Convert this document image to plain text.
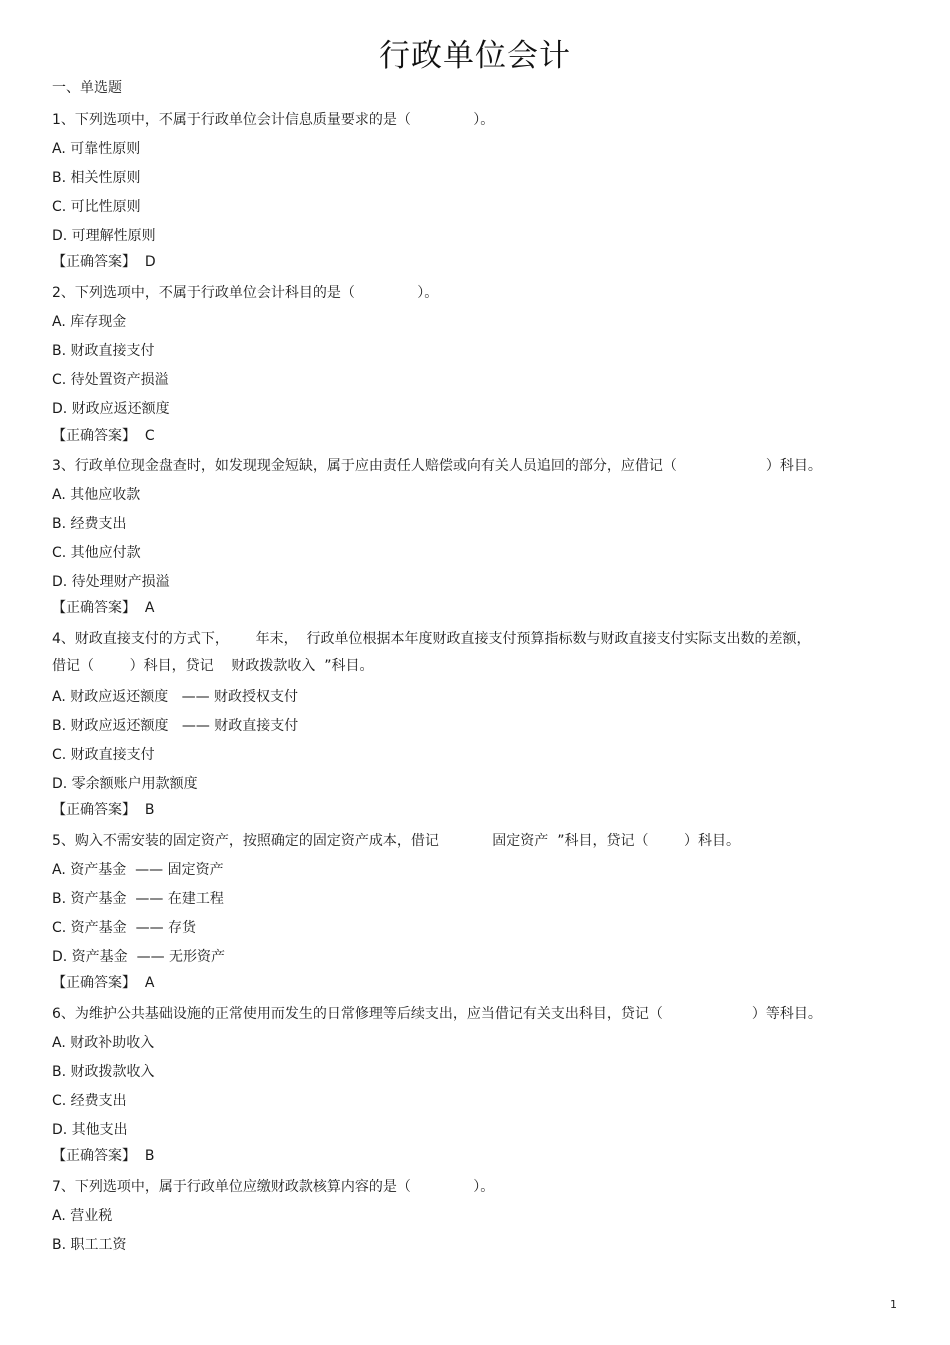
行政单位会计
一、单选题
1、下列选项中，不属于行政单位会计信息质量要求的是（              ）。
A. 可靠性原则
B. 相关性原则
C. 可比性原则
D. 可理解性原则
【正确答案】  D
2、下列选项中，不属于行政单位会计科目的是（              ）。
A. 库存现金
B. 财政直接支付
C. 待处置资产损溢
D. 财政应返还额度
【正确答案】  C
3、行政单位现金盘查时，如发现现金短缺，属于应由责任人赔偿或向有关人员追回的部分，应借记（                    ）科目。
A. 其他应收款
B. 经费支出
C. 其他应付款
D. 待处理财产损溢
【正确答案】  A
4、财政直接支付的方式下，      年末，  行政单位根据本年度财政直接支付预算指标数与财政直接支付实际支出数的差额，
借记（        ）科目，贷记    财政拨款收入  ”科目。
A. 财政应返还额度   —— 财政授权支付
B. 财政应返还额度   —— 财政直接支付
C. 财政直接支付
D. 零余额账户用款额度
【正确答案】  B
5、购入不需安装的固定资产，按照确定的固定资产成本，借记            固定资产  ”科目，贷记（        ）科目。
A. 资产基金  —— 固定资产
B. 资产基金  —— 在建工程
C. 资产基金  —— 存货
D. 资产基金  —— 无形资产
【正确答案】  A
6、为维护公共基础设施的正常使用而发生的日常修理等后续支出，应当借记有关支出科目，贷记（                    ）等科目。
A. 财政补助收入
B. 财政拨款收入
C. 经费支出
D. 其他支出
【正确答案】  B
7、下列选项中，属于行政单位应缴财政款核算内容的是（              ）。
A. 营业税
B. 职工工资
1
